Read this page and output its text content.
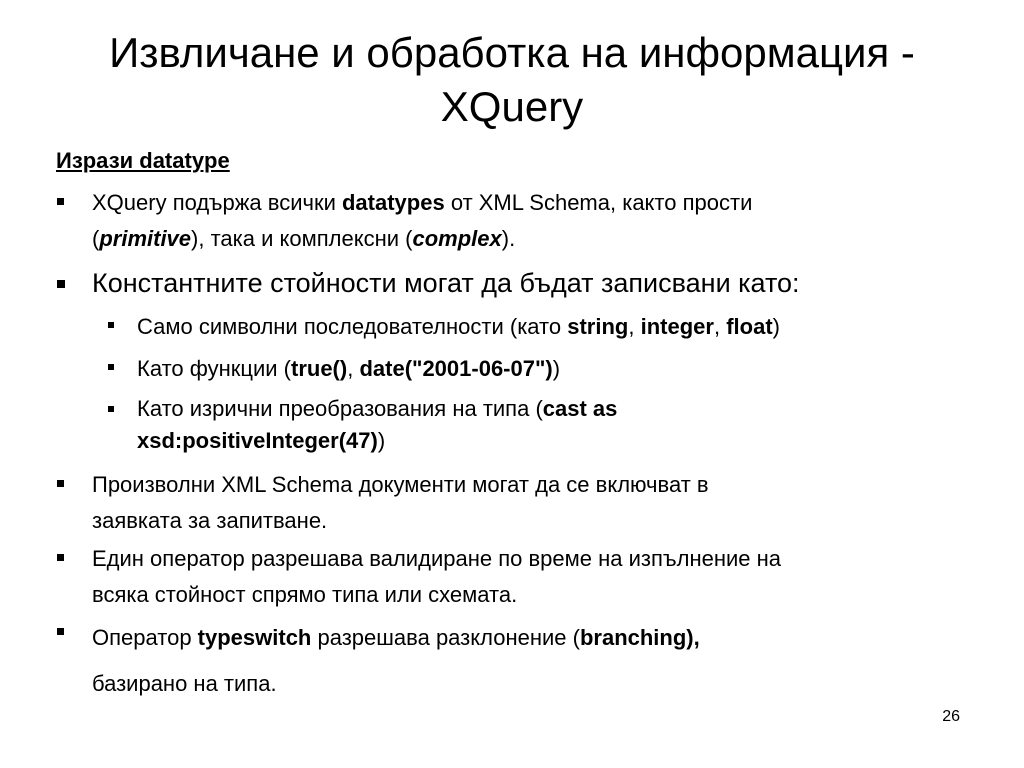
Извличане и обработка на информация -
XQuery
Изрази datatype

XQuery подържа всички datatypes от XML Schema, както прости
(primitive), така и комплексни (complex).

Константните стойности могат да бъдат записвани като:

Само символни последователности (като string, integer, float)

Като функции (true(), date("2001-06-07"))

Като изрични преобразования на типа (cast as
xsd:positiveInteger(47))

Произволни XML Schema документи могат да се включват в
заявката за запитване.

Един оператор разрешава валидиране по време на изпълнение на
всяка стойност спрямо типа или схемата.

Оператор typeswitch разрешава разклонение (branching),
базирано на типа.

26
